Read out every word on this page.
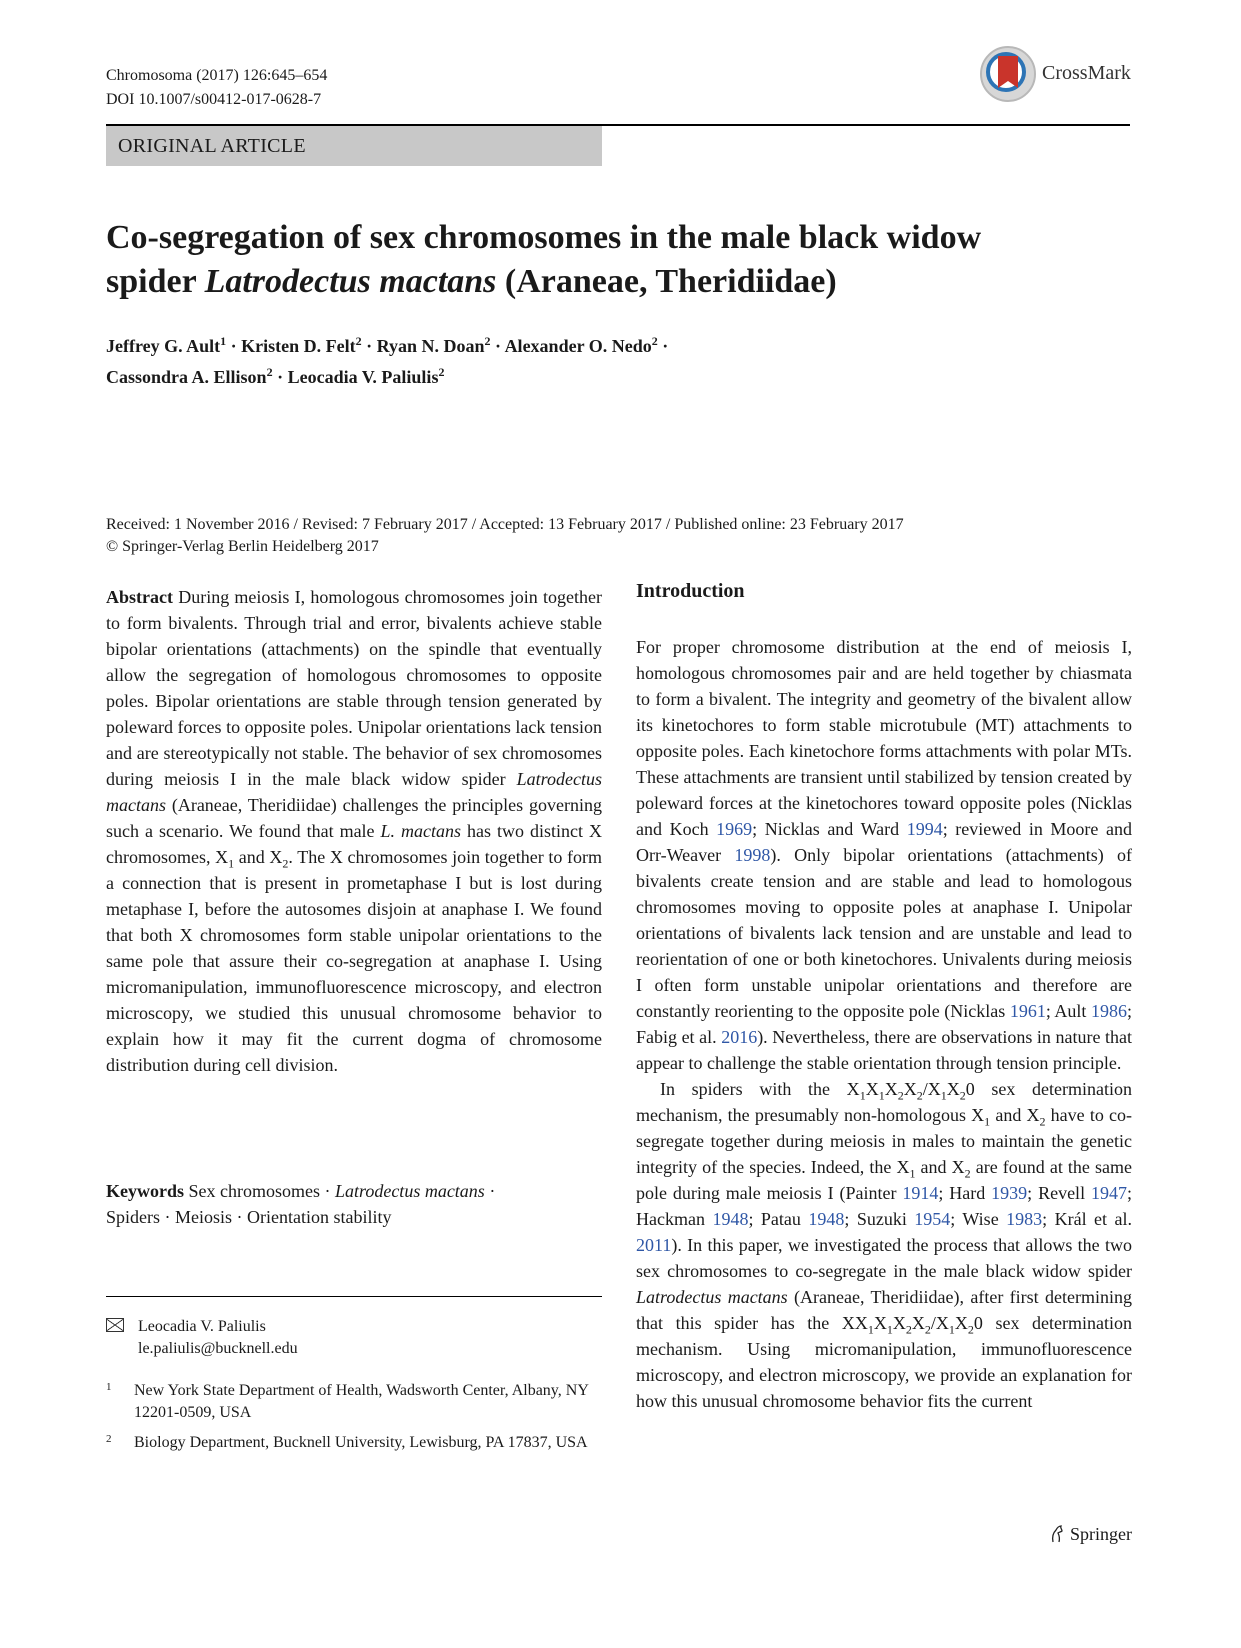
Chromosoma (2017) 126:645–654
DOI 10.1007/s00412-017-0628-7
CrossMark
ORIGINAL ARTICLE
Co-segregation of sex chromosomes in the male black widow
spider Latrodectus mactans (Araneae, Theridiidae)
Jeffrey G. Ault$^1$ · Kristen D. Felt$^2$ · Ryan N. Doan$^2$ · Alexander O. Nedo$^2$ ·
Cassondra A. Ellison$^2$ · Leocadia V. Paliulis$^2$
Received: 1 November 2016 / Revised: 7 February 2017 / Accepted: 13 February 2017 / Published online: 23 February 2017
© Springer-Verlag Berlin Heidelberg 2017
Abstract During meiosis I, homologous chromosomes join together to form bivalents. Through trial and error, bivalents achieve stable bipolar orientations (attachments) on the spindle that eventually allow the segregation of homologous chromosomes to opposite poles. Bipolar orientations are stable through tension generated by poleward forces to opposite poles. Unipolar orientations lack tension and are stereotypically not stable. The behavior of sex chromosomes during meiosis I in the male black widow spider Latrodectus mactans (Araneae, Theridiidae) challenges the principles governing such a scenario. We found that male L. mactans has two distinct X chromosomes, $X_1$ and $X_2$. The X chromosomes join together to form a connection that is present in prometaphase I but is lost during metaphase I, before the autosomes disjoin at anaphase I. We found that both X chromosomes form stable unipolar orientations to the same pole that assure their co-segregation at anaphase I. Using micromanipulation, immunofluorescence microscopy, and electron microscopy, we studied this unusual chromosome behavior to explain how it may fit the current dogma of chromosome distribution during cell division.
Keywords Sex chromosomes · Latrodectus mactans ·
Spiders · Meiosis · Orientation stability
Leocadia V. Paliulis
le.paliulis@bucknell.edu
1 New York State Department of Health, Wadsworth Center, Albany, NY 12201-0509, USA
2 Biology Department, Bucknell University, Lewisburg, PA 17837, USA
Introduction

For proper chromosome distribution at the end of meiosis I, homologous chromosomes pair and are held together by chiasmata to form a bivalent. The integrity and geometry of the bivalent allow its kinetochores to form stable microtubule (MT) attachments to opposite poles. Each kinetochore forms attachments with polar MTs. These attachments are transient until stabilized by tension created by poleward forces at the kinetochores toward opposite poles (Nicklas and Koch 1969; Nicklas and Ward 1994; reviewed in Moore and Orr-Weaver 1998). Only bipolar orientations (attachments) of bivalents create tension and are stable and lead to homologous chromosomes moving to opposite poles at anaphase I. Unipolar orientations of bivalents lack tension and are unstable and lead to reorientation of one or both kinetochores. Univalents during meiosis I often form unstable unipolar orientations and therefore are constantly reorienting to the opposite pole (Nicklas 1961; Ault 1986; Fabig et al. 2016). Nevertheless, there are observations in nature that appear to challenge the stable orientation through tension principle.

In spiders with the $X_1X_1X_2X_2/X_1X_20$ sex determination mechanism, the presumably non-homologous $X_1$ and $X_2$ have to co-segregate together during meiosis in males to maintain the genetic integrity of the species. Indeed, the $X_1$ and $X_2$ are found at the same pole during male meiosis I (Painter 1914; Hard 1939; Revell 1947; Hackman 1948; Patau 1948; Suzuki 1954; Wise 1983; Král et al. 2011). In this paper, we investigated the process that allows the two sex chromosomes to co-segregate in the male black widow spider Latrodectus mactans (Araneae, Theridiidae), after first determining that this spider has the $XX_1X_1X_2X_2/X_1X_20$ sex determination mechanism. Using micromanipulation, immunofluorescence microscopy, and electron microscopy, we provide an explanation for how this unusual chromosome behavior fits the current

Springer
